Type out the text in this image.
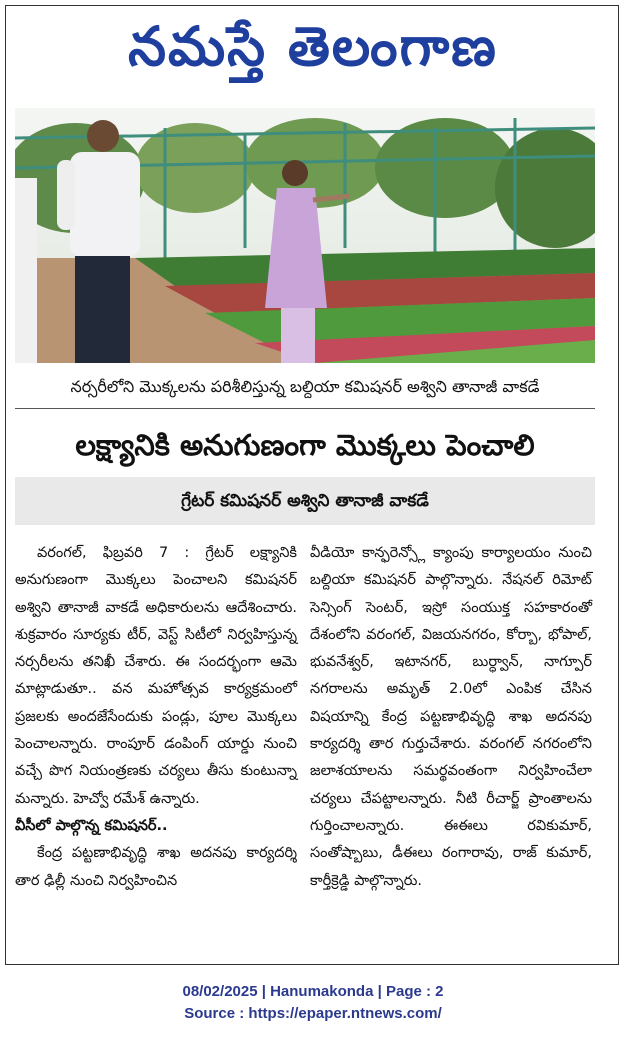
నమస్తే తెలంగాణ
నర్సరీలోని మొక్కలను పరిశీలిస్తున్న బల్దియా కమిషనర్ అశ్విని తానాజీ వాకడే
లక్ష్యానికి అనుగుణంగా మొక్కలు పెంచాలి
గ్రేటర్ కమిషనర్ అశ్విని తానాజీ వాకడే

వరంగల్, ఫిబ్రవరి 7 : గ్రేటర్ లక్ష్యానికి అనుగుణంగా మొక్కలు పెంచాలని కమిషనర్ అశ్విని తానాజీ వాకడే అధికారులను ఆదేశించారు. శుక్రవారం సూర్యకు టీర్, వెస్ట్ సిటీలో నిర్వహిస్తున్న నర్సరీలను తనిఖీ చేశారు. ఈ సందర్భంగా ఆమె మాట్లాడుతూ.. వన మహోత్సవ కార్యక్రమంలో ప్రజలకు అందజేసేందుకు పండ్లు, పూల మొక్కలు పెంచాలన్నారు. రాంపూర్ డంపింగ్ యార్డు నుంచి వచ్చే పొగ నియంత్రణకు చర్యలు తీసు కుంటున్నా మన్నారు. హెచ్వో రమేశ్ ఉన్నారు.

వీసీలో పాల్గొన్న కమిషనర్..

కేంద్ర పట్టణాభివృద్ధి శాఖ అదనపు కార్యదర్శి తార ఢిల్లీ నుంచి నిర్వహించిన

వీడియో కాన్ఫరెన్స్లో క్యాంపు కార్యాలయం నుంచి బల్దియా కమిషనర్ పాల్గొన్నారు. నేషనల్ రిమోట్ సెన్సింగ్ సెంటర్, ఇస్రో సంయుక్త సహకారంతో దేశంలోని వరంగల్, విజయనగరం, కోర్బా, భోపాల్, భువనేశ్వర్, ఇటానగర్, బుర్ధ్వాన్, నాగ్పూర్ నగరాలను అమృత్ 2.0లో ఎంపిక చేసిన విషయాన్ని కేంద్ర పట్టణాభివృద్ధి శాఖ అదనపు కార్యదర్శి తార గుర్తుచేశారు. వరంగల్ నగరంలోని జలాశయాలను సమర్థవంతంగా నిర్వహించేలా చర్యలు చేపట్టాలన్నారు. నీటి రీచార్జ్ ప్రాంతాలను గుర్తించాలన్నారు. ఈఈలు రవికుమార్, సంతోష్బాబు, డీఈలు రంగారావు, రాజ్ కుమార్, కార్తీక్రెడ్డి పాల్గొన్నారు.

08/02/2025 | Hanumakonda | Page : 2
Source : https://epaper.ntnews.com/
